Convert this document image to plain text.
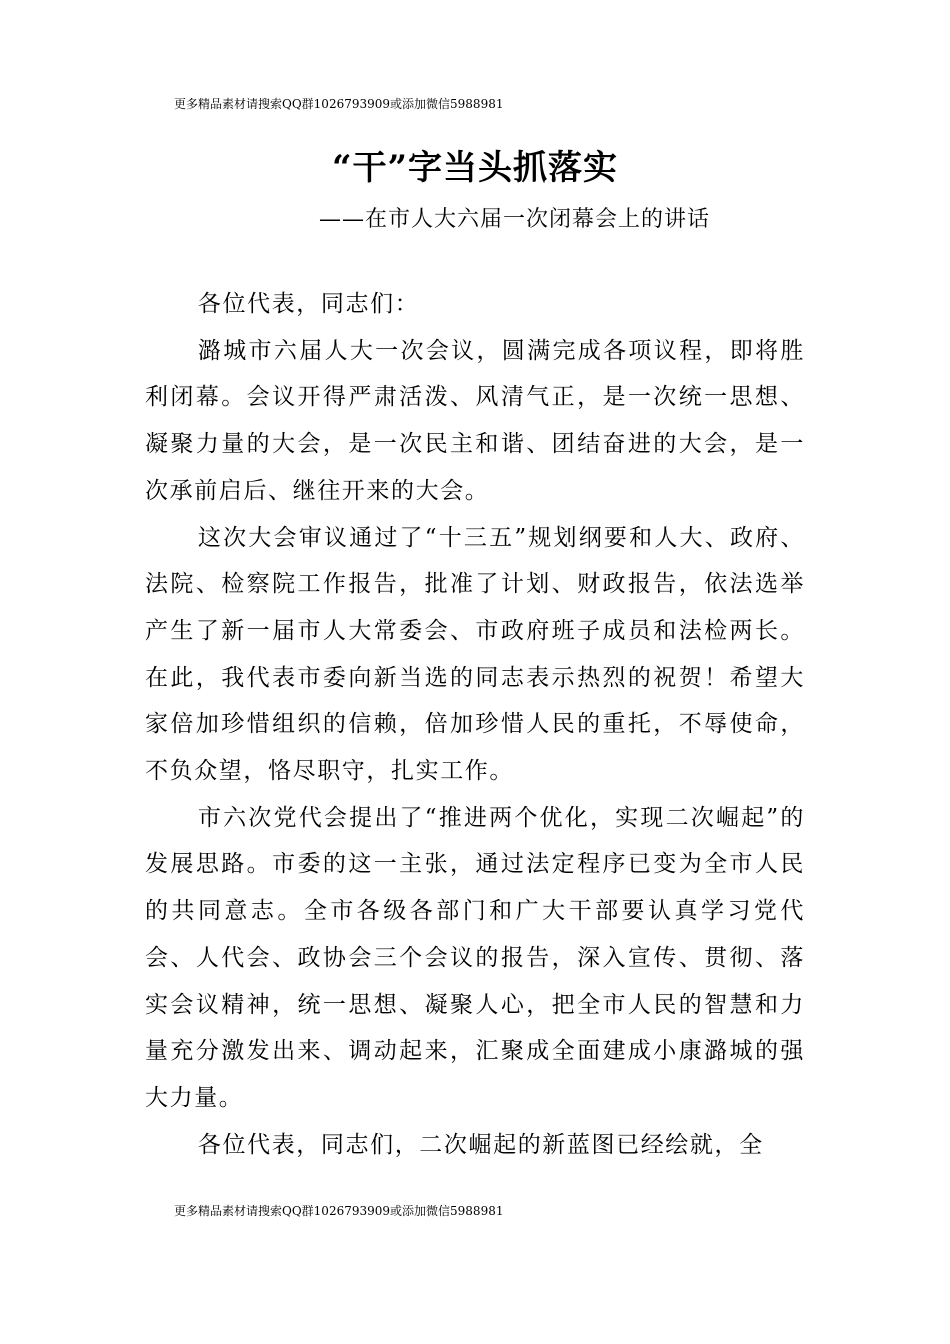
更多精品素材请搜索QQ群1026793909或添加微信5988981
“干”字当头抓落实
——在市人大六届一次闭幕会上的讲话

各位代表，同志们：

潞城市六届人大一次会议，圆满完成各项议程，即将胜利闭幕。会议开得严肃活泼、风清气正，是一次统一思想、凝聚力量的大会，是一次民主和谐、团结奋进的大会，是一次承前启后、继往开来的大会。

这次大会审议通过了“十三五”规划纲要和人大、政府、法院、检察院工作报告，批准了计划、财政报告，依法选举产生了新一届市人大常委会、市政府班子成员和法检两长。在此，我代表市委向新当选的同志表示热烈的祝贺！希望大家倍加珍惜组织的信赖，倍加珍惜人民的重托，不辱使命，不负众望，恪尽职守，扎实工作。

市六次党代会提出了“推进两个优化，实现二次崛起”的发展思路。市委的这一主张，通过法定程序已变为全市人民的共同意志。全市各级各部门和广大干部要认真学习党代会、人代会、政协会三个会议的报告，深入宣传、贯彻、落实会议精神，统一思想、凝聚人心，把全市人民的智慧和力量充分激发出来、调动起来，汇聚成全面建成小康潞城的强大力量。

各位代表，同志们，二次崛起的新蓝图已经绘就，全

更多精品素材请搜索QQ群1026793909或添加微信5988981
